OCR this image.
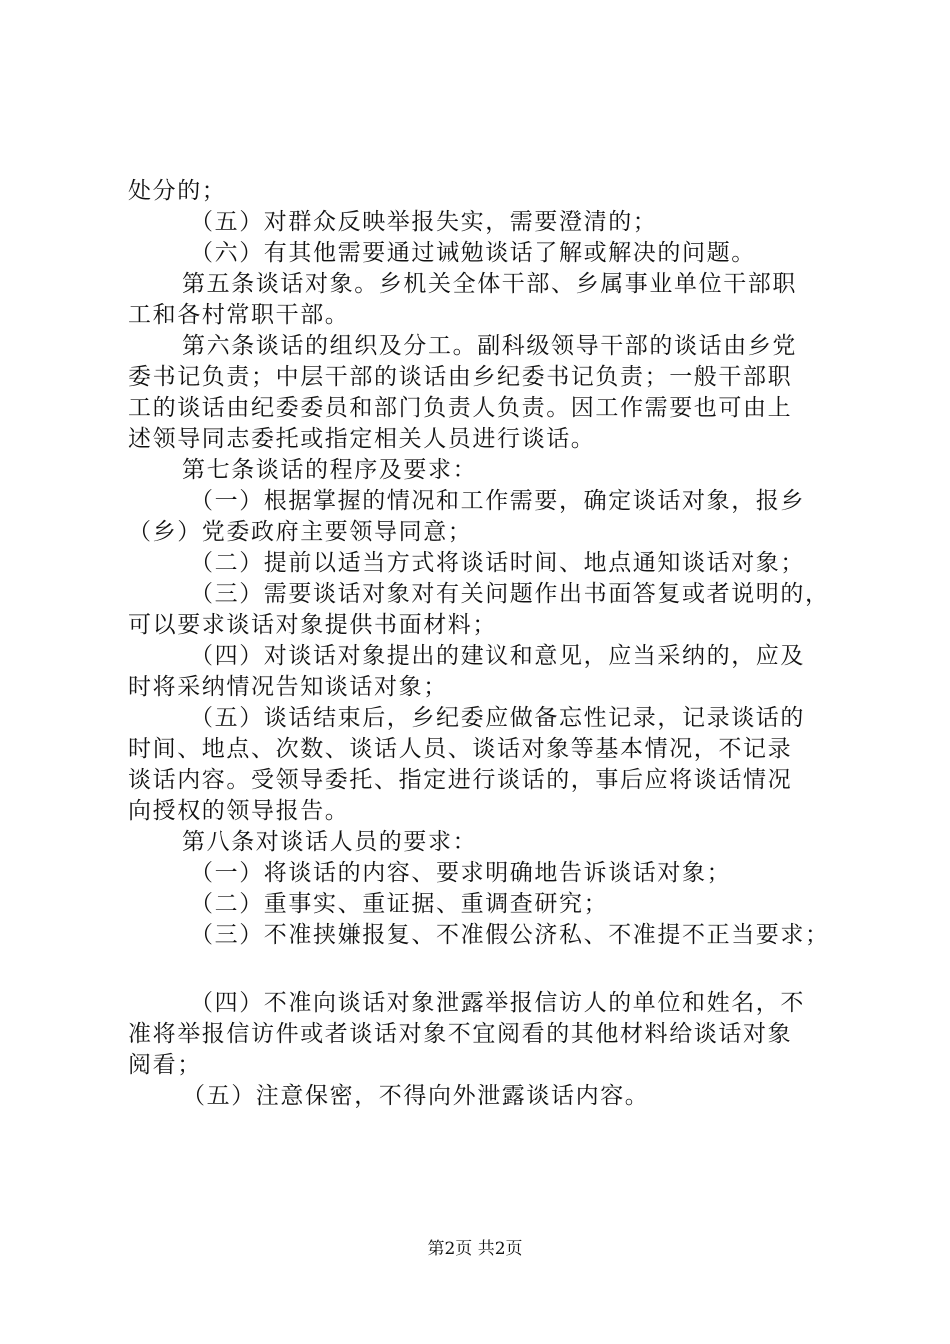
处分的；
（五）对群众反映举报失实，需要澄清的；
（六）有其他需要通过诫勉谈话了解或解决的问题。
第五条谈话对象。乡机关全体干部、乡属事业单位干部职
工和各村常职干部。
第六条谈话的组织及分工。副科级领导干部的谈话由乡党
委书记负责；中层干部的谈话由乡纪委书记负责；一般干部职
工的谈话由纪委委员和部门负责人负责。因工作需要也可由上
述领导同志委托或指定相关人员进行谈话。
第七条谈话的程序及要求：
（一）根据掌握的情况和工作需要，确定谈话对象，报乡
（乡）党委政府主要领导同意；
（二）提前以适当方式将谈话时间、地点通知谈话对象；
（三）需要谈话对象对有关问题作出书面答复或者说明的，
可以要求谈话对象提供书面材料；
（四）对谈话对象提出的建议和意见，应当采纳的，应及
时将采纳情况告知谈话对象；
（五）谈话结束后，乡纪委应做备忘性记录，记录谈话的
时间、地点、次数、谈话人员、谈话对象等基本情况，不记录
谈话内容。受领导委托、指定进行谈话的，事后应将谈话情况
向授权的领导报告。
第八条对谈话人员的要求：
（一）将谈话的内容、要求明确地告诉谈话对象；
（二）重事实、重证据、重调查研究；
（三）不准挟嫌报复、不准假公济私、不准提不正当要求；
（四）不准向谈话对象泄露举报信访人的单位和姓名，不
准将举报信访件或者谈话对象不宜阅看的其他材料给谈话对象
阅看；
（五）注意保密，不得向外泄露谈话内容。
第2页 共2页
